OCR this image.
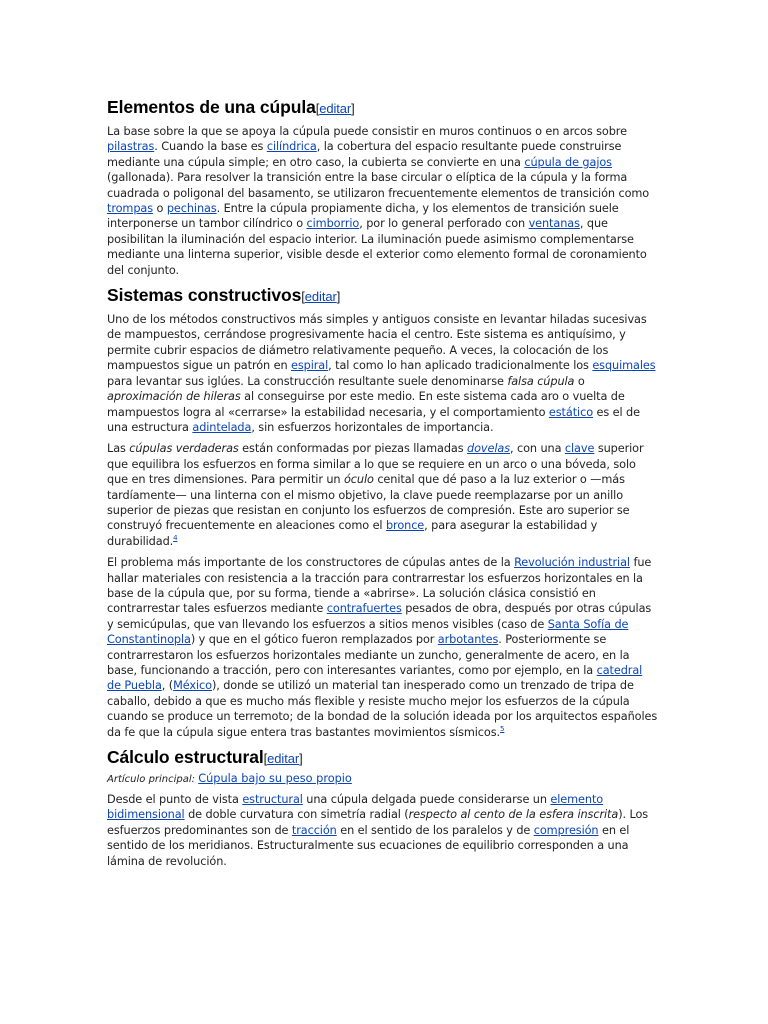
Elementos de una cúpula[editar]

La base sobre la que se apoya la cúpula puede consistir en muros continuos o en arcos sobre pilastras. Cuando la base es cilíndrica, la cobertura del espacio resultante puede construirse mediante una cúpula simple; en otro caso, la cubierta se convierte en una cúpula de gajos (gallonada). Para resolver la transición entre la base circular o elíptica de la cúpula y la forma cuadrada o poligonal del basamento, se utilizaron frecuentemente elementos de transición como trompas o pechinas. Entre la cúpula propiamente dicha, y los elementos de transición suele interponerse un tambor cilíndrico o cimborrio, por lo general perforado con ventanas, que posibilitan la iluminación del espacio interior. La iluminación puede asimismo complementarse mediante una linterna superior, visible desde el exterior como elemento formal de coronamiento del conjunto.

Sistemas constructivos[editar]

Uno de los métodos constructivos más simples y antiguos consiste en levantar hiladas sucesivas de mampuestos, cerrándose progresivamente hacia el centro. Este sistema es antiquísimo, y permite cubrir espacios de diámetro relativamente pequeño. A veces, la colocación de los mampuestos sigue un patrón en espiral, tal como lo han aplicado tradicionalmente los esquimales para levantar sus iglúes. La construcción resultante suele denominarse falsa cúpula o aproximación de hileras al conseguirse por este medio. En este sistema cada aro o vuelta de mampuestos logra al «cerrarse» la estabilidad necesaria, y el comportamiento estático es el de una estructura adintelada, sin esfuerzos horizontales de importancia.

Las cúpulas verdaderas están conformadas por piezas llamadas dovelas, con una clave superior que equilibra los esfuerzos en forma similar a lo que se requiere en un arco o una bóveda, solo que en tres dimensiones. Para permitir un óculo cenital que dé paso a la luz exterior o —más tardíamente— una linterna con el mismo objetivo, la clave puede reemplazarse por un anillo superior de piezas que resistan en conjunto los esfuerzos de compresión. Este aro superior se construyó frecuentemente en aleaciones como el bronce, para asegurar la estabilidad y durabilidad.$^4$

El problema más importante de los constructores de cúpulas antes de la Revolución industrial fue hallar materiales con resistencia a la tracción para contrarrestar los esfuerzos horizontales en la base de la cúpula que, por su forma, tiende a «abrirse». La solución clásica consistió en contrarrestar tales esfuerzos mediante contrafuertes pesados de obra, después por otras cúpulas y semicúpulas, que van llevando los esfuerzos a sitios menos visibles (caso de Santa Sofía de Constantinopla) y que en el gótico fueron remplazados por arbotantes. Posteriormente se contrarrestaron los esfuerzos horizontales mediante un zuncho, generalmente de acero, en la base, funcionando a tracción, pero con interesantes variantes, como por ejemplo, en la catedral de Puebla, (México), donde se utilizó un material tan inesperado como un trenzado de tripa de caballo, debido a que es mucho más flexible y resiste mucho mejor los esfuerzos de la cúpula cuando se produce un terremoto; de la bondad de la solución ideada por los arquitectos españoles da fe que la cúpula sigue entera tras bastantes movimientos sísmicos.$^5$

Cálculo estructural[editar]
Artículo principal: Cúpula bajo su peso propio

Desde el punto de vista estructural una cúpula delgada puede considerarse un elemento bidimensional de doble curvatura con simetría radial (respecto al cento de la esfera inscrita). Los esfuerzos predominantes son de tracción en el sentido de los paralelos y de compresión en el sentido de los meridianos. Estructuralmente sus ecuaciones de equilibrio corresponden a una lámina de revolución.
